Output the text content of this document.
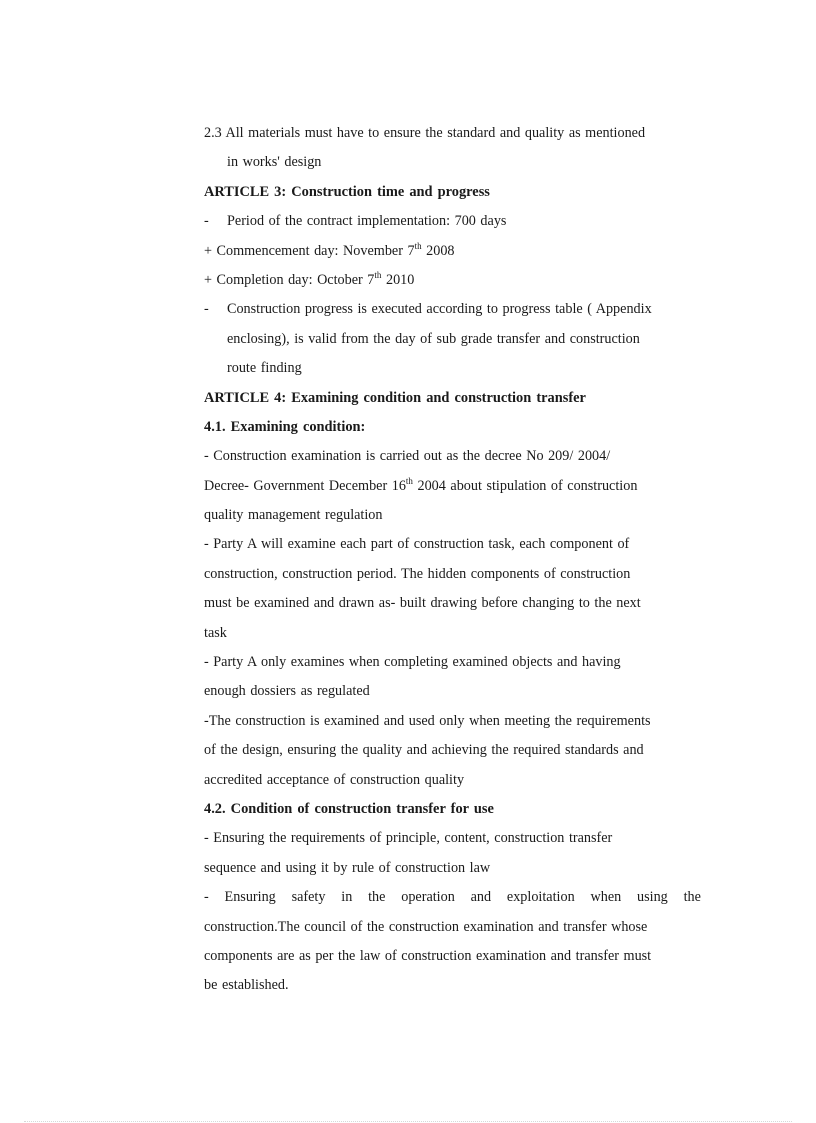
2.3 All materials must have to ensure the standard and quality as mentioned
in works' design
ARTICLE 3: Construction time and progress
- Period of the contract implementation: 700 days
+ Commencement day: November 7th 2008
+ Completion day: October 7th 2010
- Construction progress is executed according to progress table ( Appendix
enclosing), is valid from the day of sub grade transfer and construction
route finding
ARTICLE 4: Examining condition and construction transfer
4.1. Examining condition:
- Construction examination is carried out as the decree No 209/ 2004/
Decree- Government December 16th 2004 about stipulation of construction
quality management regulation
- Party A will examine each part of construction task, each component of
construction, construction period. The hidden components of construction
must be examined and drawn as- built drawing before changing to the next
task
- Party A only examines when completing examined objects and having
enough dossiers as regulated
-The construction is examined and used only when meeting the requirements
of the design, ensuring the quality and achieving the required standards and
accredited acceptance of construction quality
4.2. Condition of construction transfer for use
- Ensuring the requirements of principle, content, construction transfer
sequence and using it by rule of construction law
- Ensuring safety in the operation and exploitation when using the
construction.The council of the construction examination and transfer whose
components are as per the law of construction examination and transfer must
be established.
